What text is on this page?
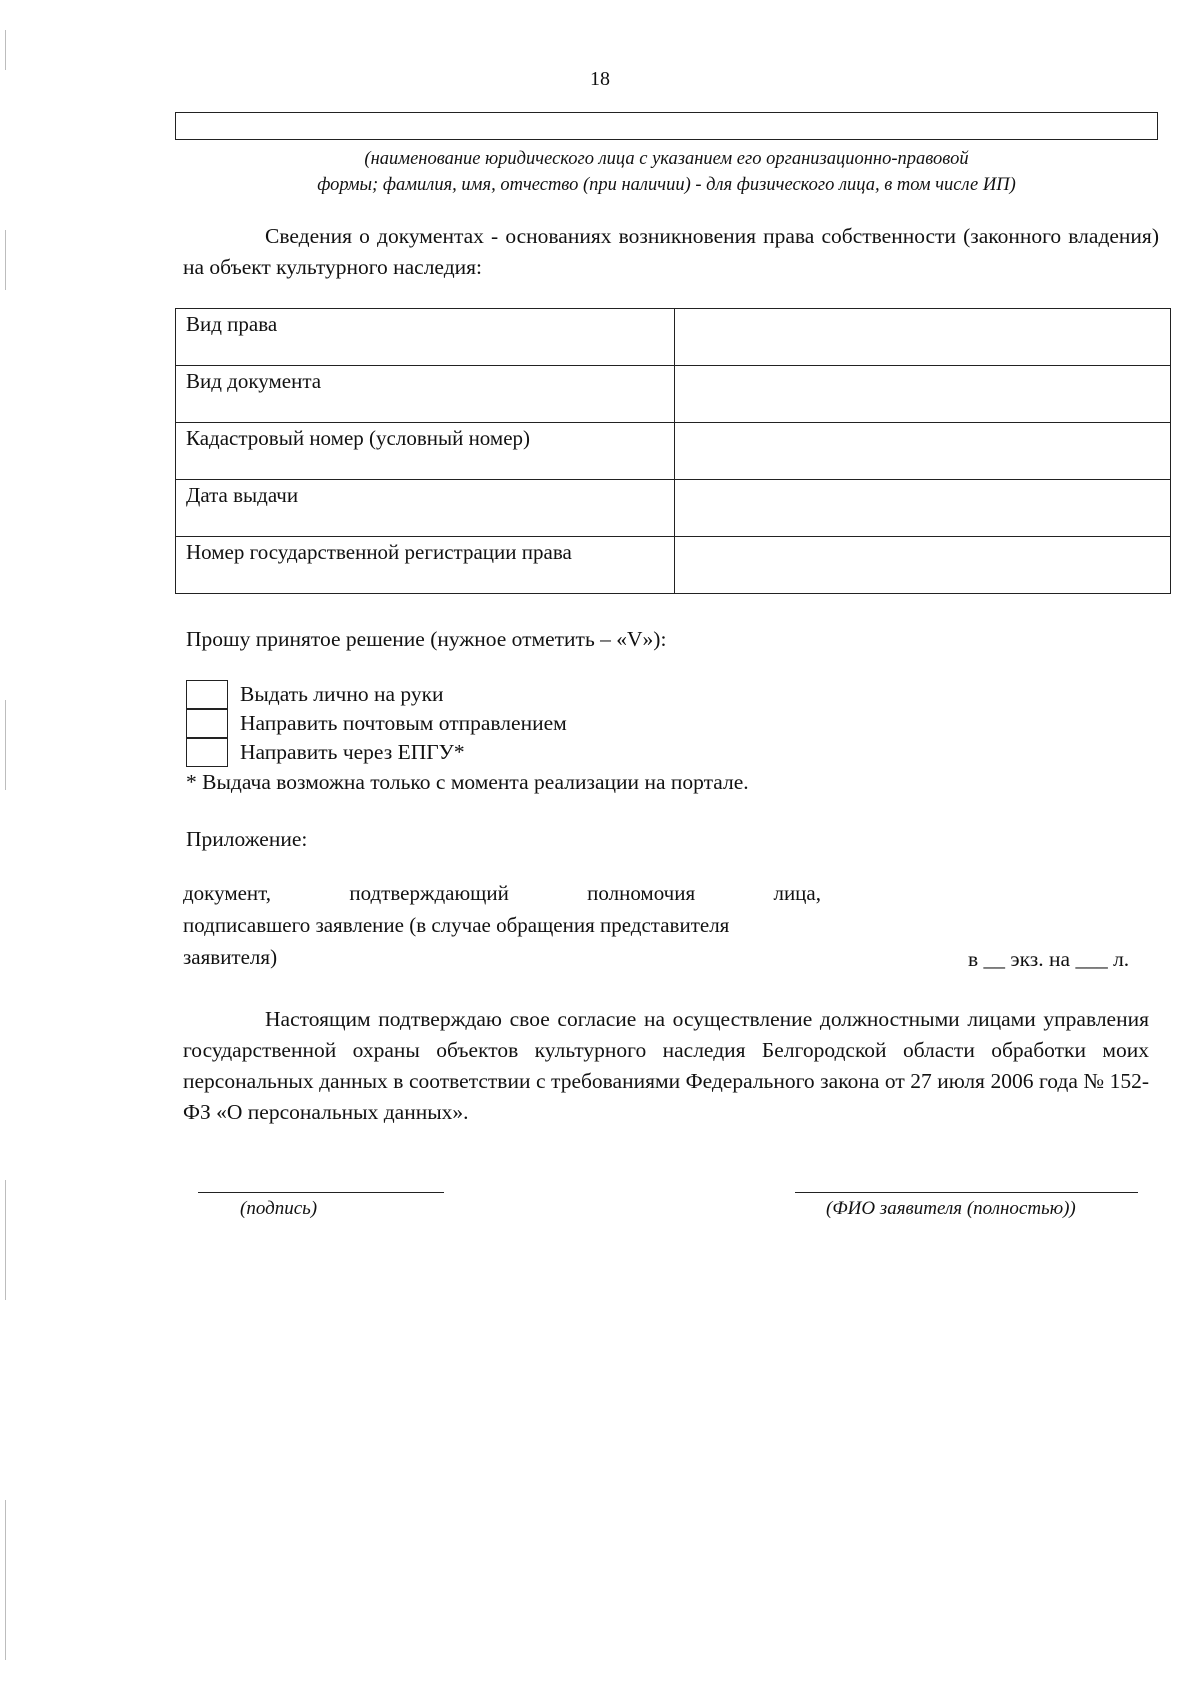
18
(наименование юридического лица с указанием его организационно-правовой
формы; фамилия, имя, отчество (при наличии) - для физического лица, в том числе ИП)
Сведения о документах - основаниях возникновения права собственности (законного владения) на объект культурного наследия:
Вид права	
Вид документа	
Кадастровый номер (условный номер)	
Дата выдачи	
Номер государственной регистрации права	
Прошу принятое решение (нужное отметить – «V»):
Выдать лично на руки
Направить почтовым отправлением
Направить через ЕПГУ*
* Выдача возможна только с момента реализации на портале.
Приложение:
документ, подтверждающий полномочия лица,
подписавшего заявление (в случае обращения представителя
заявителя)	в __ экз. на ___ л.
Настоящим подтверждаю свое согласие на осуществление должностными лицами управления государственной охраны объектов культурного наследия Белгородской области обработки моих персональных данных в соответствии с требованиями Федерального закона от 27 июля 2006 года № 152-ФЗ «О персональных данных».
(подпись)	(ФИО заявителя (полностью))
